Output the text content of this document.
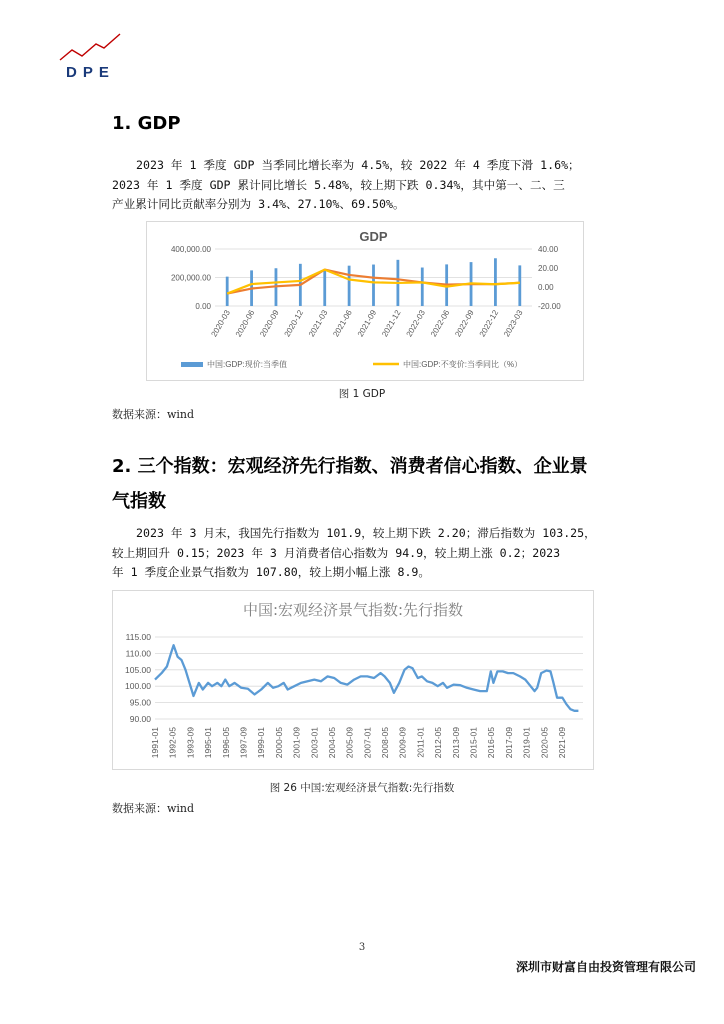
DPE
1. GDP

2023 年 1 季度 GDP 当季同比增长率为 4.5%，较 2022 年 4 季度下滑 1.6%；

2023 年 1 季度 GDP 累计同比增长 5.48%，较上期下跌 0.34%，其中第一、二、三

产业累计同比贡献率分别为 3.4%、27.10%、69.50%。

GDP
400,000.00
200,000.00
0.00
40.00
20.00
0.00
-20.00
2020-03 2020-06 2020-09 2020-12 2021-03 2021-06 2021-09 2021-12 2022-03 2022-06 2022-09 2022-12 2023-03
中国:GDP:现价:当季值	中国:GDP:不变价:当季同比（%）
图 1 GDP
数据来源：wind
2. 三个指数：宏观经济先行指数、消费者信心指数、企业景
气指数

2023 年 3 月末，我国先行指数为 101.9，较上期下跌 2.20；滞后指数为 103.25，

较上期回升 0.15；2023 年 3 月消费者信心指数为 94.9，较上期上涨 0.2；2023

年 1 季度企业景气指数为 107.80，较上期小幅上涨 8.9。

中国:宏观经济景气指数:先行指数
115.00
110.00
105.00
100.00
95.00
90.00
1991-01 1992-05 1993-09 1995-01 1996-05 1997-09 1999-01 2000-05 2001-09 2003-01 2004-05 2005-09 2007-01 2008-05 2009-09 2011-01 2012-05 2013-09 2015-01 2016-05 2017-09 2019-01 2020-05 2021-09
图 26 中国:宏观经济景气指数:先行指数
数据来源：wind
3
深圳市财富自由投资管理有限公司
